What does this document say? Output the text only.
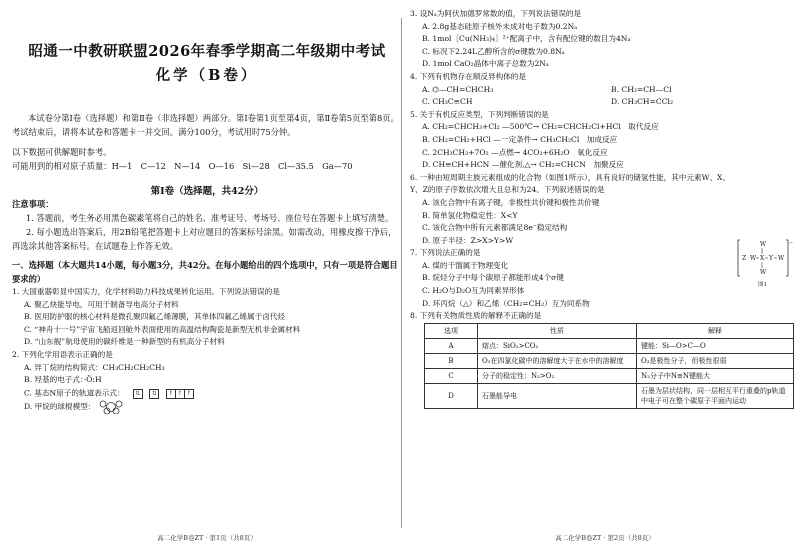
昭通一中教研联盟2026年春季学期高二年级期中考试
化学（B卷）

本试卷分第Ⅰ卷（选择题）和第Ⅱ卷（非选择题）两部分。第Ⅰ卷第1页至第4页，第Ⅱ卷第5页至第8页。考试结束后，请将本试卷和答题卡一并交回。满分100分，考试用时75分钟。

以下数据可供解题时参考。

可能用到的相对原子质量：H—1　C—12　N—14　O—16　Si—28　Cl—35.5　Ga—70

第Ⅰ卷（选择题，共42分）

注意事项：

1. 答题前，考生务必用黑色碳素笔将自己的姓名、准考证号、考场号、座位号在答题卡上填写清楚。

2. 每小题选出答案后，用2B铅笔把答题卡上对应题目的答案标号涂黑。如需改动，用橡皮擦干净后，再选涂其他答案标号。在试题卷上作答无效。

一、选择题（本大题共14小题，每小题3分，共42分。在每小题给出的四个选项中，只有一项是符合题目要求的）

1. 大国重器彰显中国实力，化学材料助力科技成果转化运用。下列说法错误的是

A. 聚乙炔能导电，可用于制备导电高分子材料

B. 医用防护服的核心材料是微孔聚四氟乙烯薄膜，其单体四氟乙烯属于卤代烃

C. “神舟十一号”宇宙飞船返回舱外表面使用的高温结构陶瓷是新型无机非金属材料

D. “山东舰”航母使用的碳纤维是一种新型的有机高分子材料

2. 下列化学用语表示正确的是

A. 异丁烷的结构简式：CH₃CH₂CH₂CH₃

B. 羟基的电子式：·Ö:H

C. 基态N原子的轨道表示式： ⇅ ⇅ ↑ ↑ ↑

D. 甲烷的球棍模型：

高二化学B卷ZT · 第1页（共8页）

3. 设Nₐ为阿伏加德罗常数的值，下列说法错误的是

A. 2.8g基态硅原子核外未成对电子数为0.2Nₐ

B. 1mol［Cu(NH₃)₄］²⁺配离子中，含有配位键的数目为4Nₐ

C. 标况下2.24L乙醇所含的σ键数为0.8Nₐ

D. 1mol CaO₂晶体中离子总数为2Nₐ

4. 下列有机物存在顺反异构体的是

A. ⌬—CH=CHCH₃	B. CH₂=CH—Cl
C. CH₃C≡CH	D. CH₃CH=CCl₂

5. 关于有机反应类型，下列判断错误的是

A. CH₂=CHCH₃+Cl₂ —500℃→ CH₂=CHCH₂Cl+HCl　取代反应

B. CH₂=CH₂+HCl —一定条件→ CH₃CH₂Cl　加成反应

C. 2CH₃CH₃+7O₂ —点燃→ 4CO₂+6H₂O　氧化反应

D. CH≡CH+HCN —催化剂,△→ CH₂=CHCN　加聚反应

6. 一种由短周期主族元素组成的化合物（如图1所示），具有良好的储氢性能，其中元素W、X、Y、Z的原子序数依次增大且总和为24。下列叙述错误的是

A. 该化合物中有离子键，非极性共价键和极性共价键

B. 简单氢化物稳定性：X<Y

C. 该化合物中所有元素都满足8e⁻稳定结构

D. 原子半径：Z>X>Y>W	−
Z W X Y W
W
W
图1

7. 下列说法正确的是

A. 煤的干馏属于物理变化

B. 烷烃分子中每个碳原子都能形成4个σ键

C. H₂O与D₂O互为同素异形体

D. 环丙烷（△）和乙烯（CH₂=CH₂）互为同系物

8. 下列有关物质性质的解释不正确的是

选项	性质	解释
A	熔点：SiO₂>CO₂	键能：Si—O>C—O
B	O₃在四氯化碳中的溶解度大于在水中的溶解度	O₃是极性分子，但极性很弱
C	分子的稳定性：N₂>O₂	N₂分子中N≡N键能大
D	石墨能导电	石墨为层状结构，同一层相互平行重叠的p轨道中电子可在整个碳原子平面内运动
高二化学B卷ZT · 第2页（共8页）
